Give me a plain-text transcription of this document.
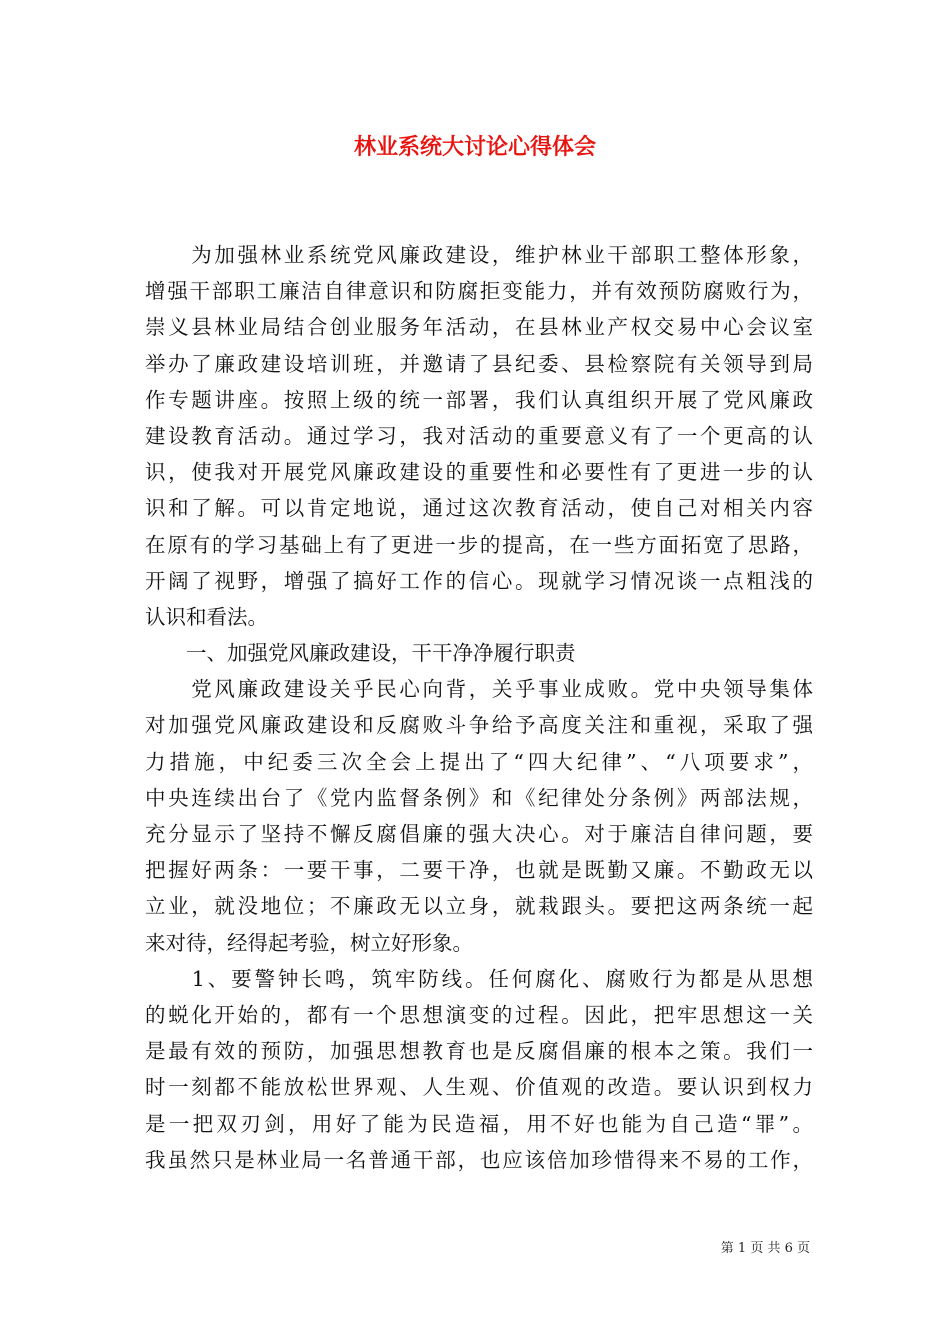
林业系统大讨论心得体会
　　为加强林业系统党风廉政建设，维护林业干部职工整体形象，
增强干部职工廉洁自律意识和防腐拒变能力，并有效预防腐败行为，
崇义县林业局结合创业服务年活动，在县林业产权交易中心会议室
举办了廉政建设培训班，并邀请了县纪委、县检察院有关领导到局
作专题讲座。按照上级的统一部署，我们认真组织开展了党风廉政
建设教育活动。通过学习，我对活动的重要意义有了一个更高的认
识，使我对开展党风廉政建设的重要性和必要性有了更进一步的认
识和了解。可以肯定地说，通过这次教育活动，使自己对相关内容
在原有的学习基础上有了更进一步的提高，在一些方面拓宽了思路，
开阔了视野，增强了搞好工作的信心。现就学习情况谈一点粗浅的
认识和看法。
　　一、加强党风廉政建设，干干净净履行职责
　　党风廉政建设关乎民心向背，关乎事业成败。党中央领导集体
对加强党风廉政建设和反腐败斗争给予高度关注和重视，采取了强
力措施，中纪委三次全会上提出了“四大纪律”、“八项要求”，
中央连续出台了《党内监督条例》和《纪律处分条例》两部法规，
充分显示了坚持不懈反腐倡廉的强大决心。对于廉洁自律问题，要
把握好两条：一要干事，二要干净，也就是既勤又廉。不勤政无以
立业，就没地位；不廉政无以立身，就栽跟头。要把这两条统一起
来对待，经得起考验，树立好形象。
　　1、要警钟长鸣，筑牢防线。任何腐化、腐败行为都是从思想
的蜕化开始的，都有一个思想演变的过程。因此，把牢思想这一关
是最有效的预防，加强思想教育也是反腐倡廉的根本之策。我们一
时一刻都不能放松世界观、人生观、价值观的改造。要认识到权力
是一把双刃剑，用好了能为民造福，用不好也能为自己造“罪”。
我虽然只是林业局一名普通干部，也应该倍加珍惜得来不易的工作，
第 1 页 共 6 页
